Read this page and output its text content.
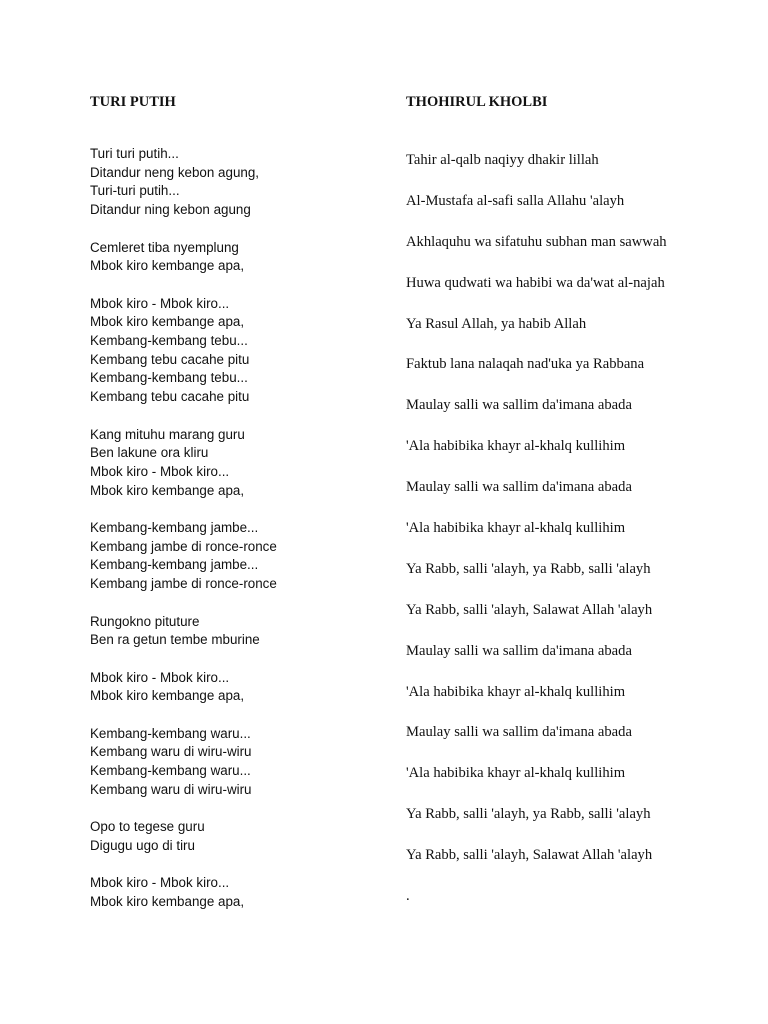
TURI PUTIH
Turi turi putih...
Ditandur neng kebon agung,
Turi-turi putih...
Ditandur ning kebon agung
Cemleret tiba nyemplung
Mbok kiro kembange apa,
Mbok kiro - Mbok kiro...
Mbok kiro kembange apa,
Kembang-kembang tebu...
Kembang tebu cacahe pitu
Kembang-kembang tebu...
Kembang tebu cacahe pitu
Kang mituhu marang guru
Ben lakune ora kliru
Mbok kiro - Mbok kiro...
Mbok kiro kembange apa,
Kembang-kembang jambe...
Kembang jambe di ronce-ronce
Kembang-kembang jambe...
Kembang jambe di ronce-ronce
Rungokno pituture
Ben ra getun tembe mburine
Mbok kiro - Mbok kiro...
Mbok kiro kembange apa,
Kembang-kembang waru...
Kembang waru di wiru-wiru
Kembang-kembang waru...
Kembang waru di wiru-wiru
Opo to tegese guru
Digugu ugo di tiru
Mbok kiro - Mbok kiro...
Mbok kiro kembange apa,
THOHIRUL KHOLBI
Tahir al-qalb naqiyy dhakir lillah
Al-Mustafa al-safi salla Allahu 'alayh
Akhlaquhu wa sifatuhu subhan man sawwah
Huwa qudwati wa habibi wa da'wat al-najah
Ya Rasul Allah, ya habib Allah
Faktub lana nalaqah nad'uka ya Rabbana
Maulay salli wa sallim da'imana abada
'Ala habibika khayr al-khalq kullihim
Maulay salli wa sallim da'imana abada
'Ala habibika khayr al-khalq kullihim
Ya Rabb, salli 'alayh, ya Rabb, salli 'alayh
Ya Rabb, salli 'alayh, Salawat Allah 'alayh
Maulay salli wa sallim da'imana abada
'Ala habibika khayr al-khalq kullihim
Maulay salli wa sallim da'imana abada
'Ala habibika khayr al-khalq kullihim
Ya Rabb, salli 'alayh, ya Rabb, salli 'alayh
Ya Rabb, salli 'alayh, Salawat Allah 'alayh
.
